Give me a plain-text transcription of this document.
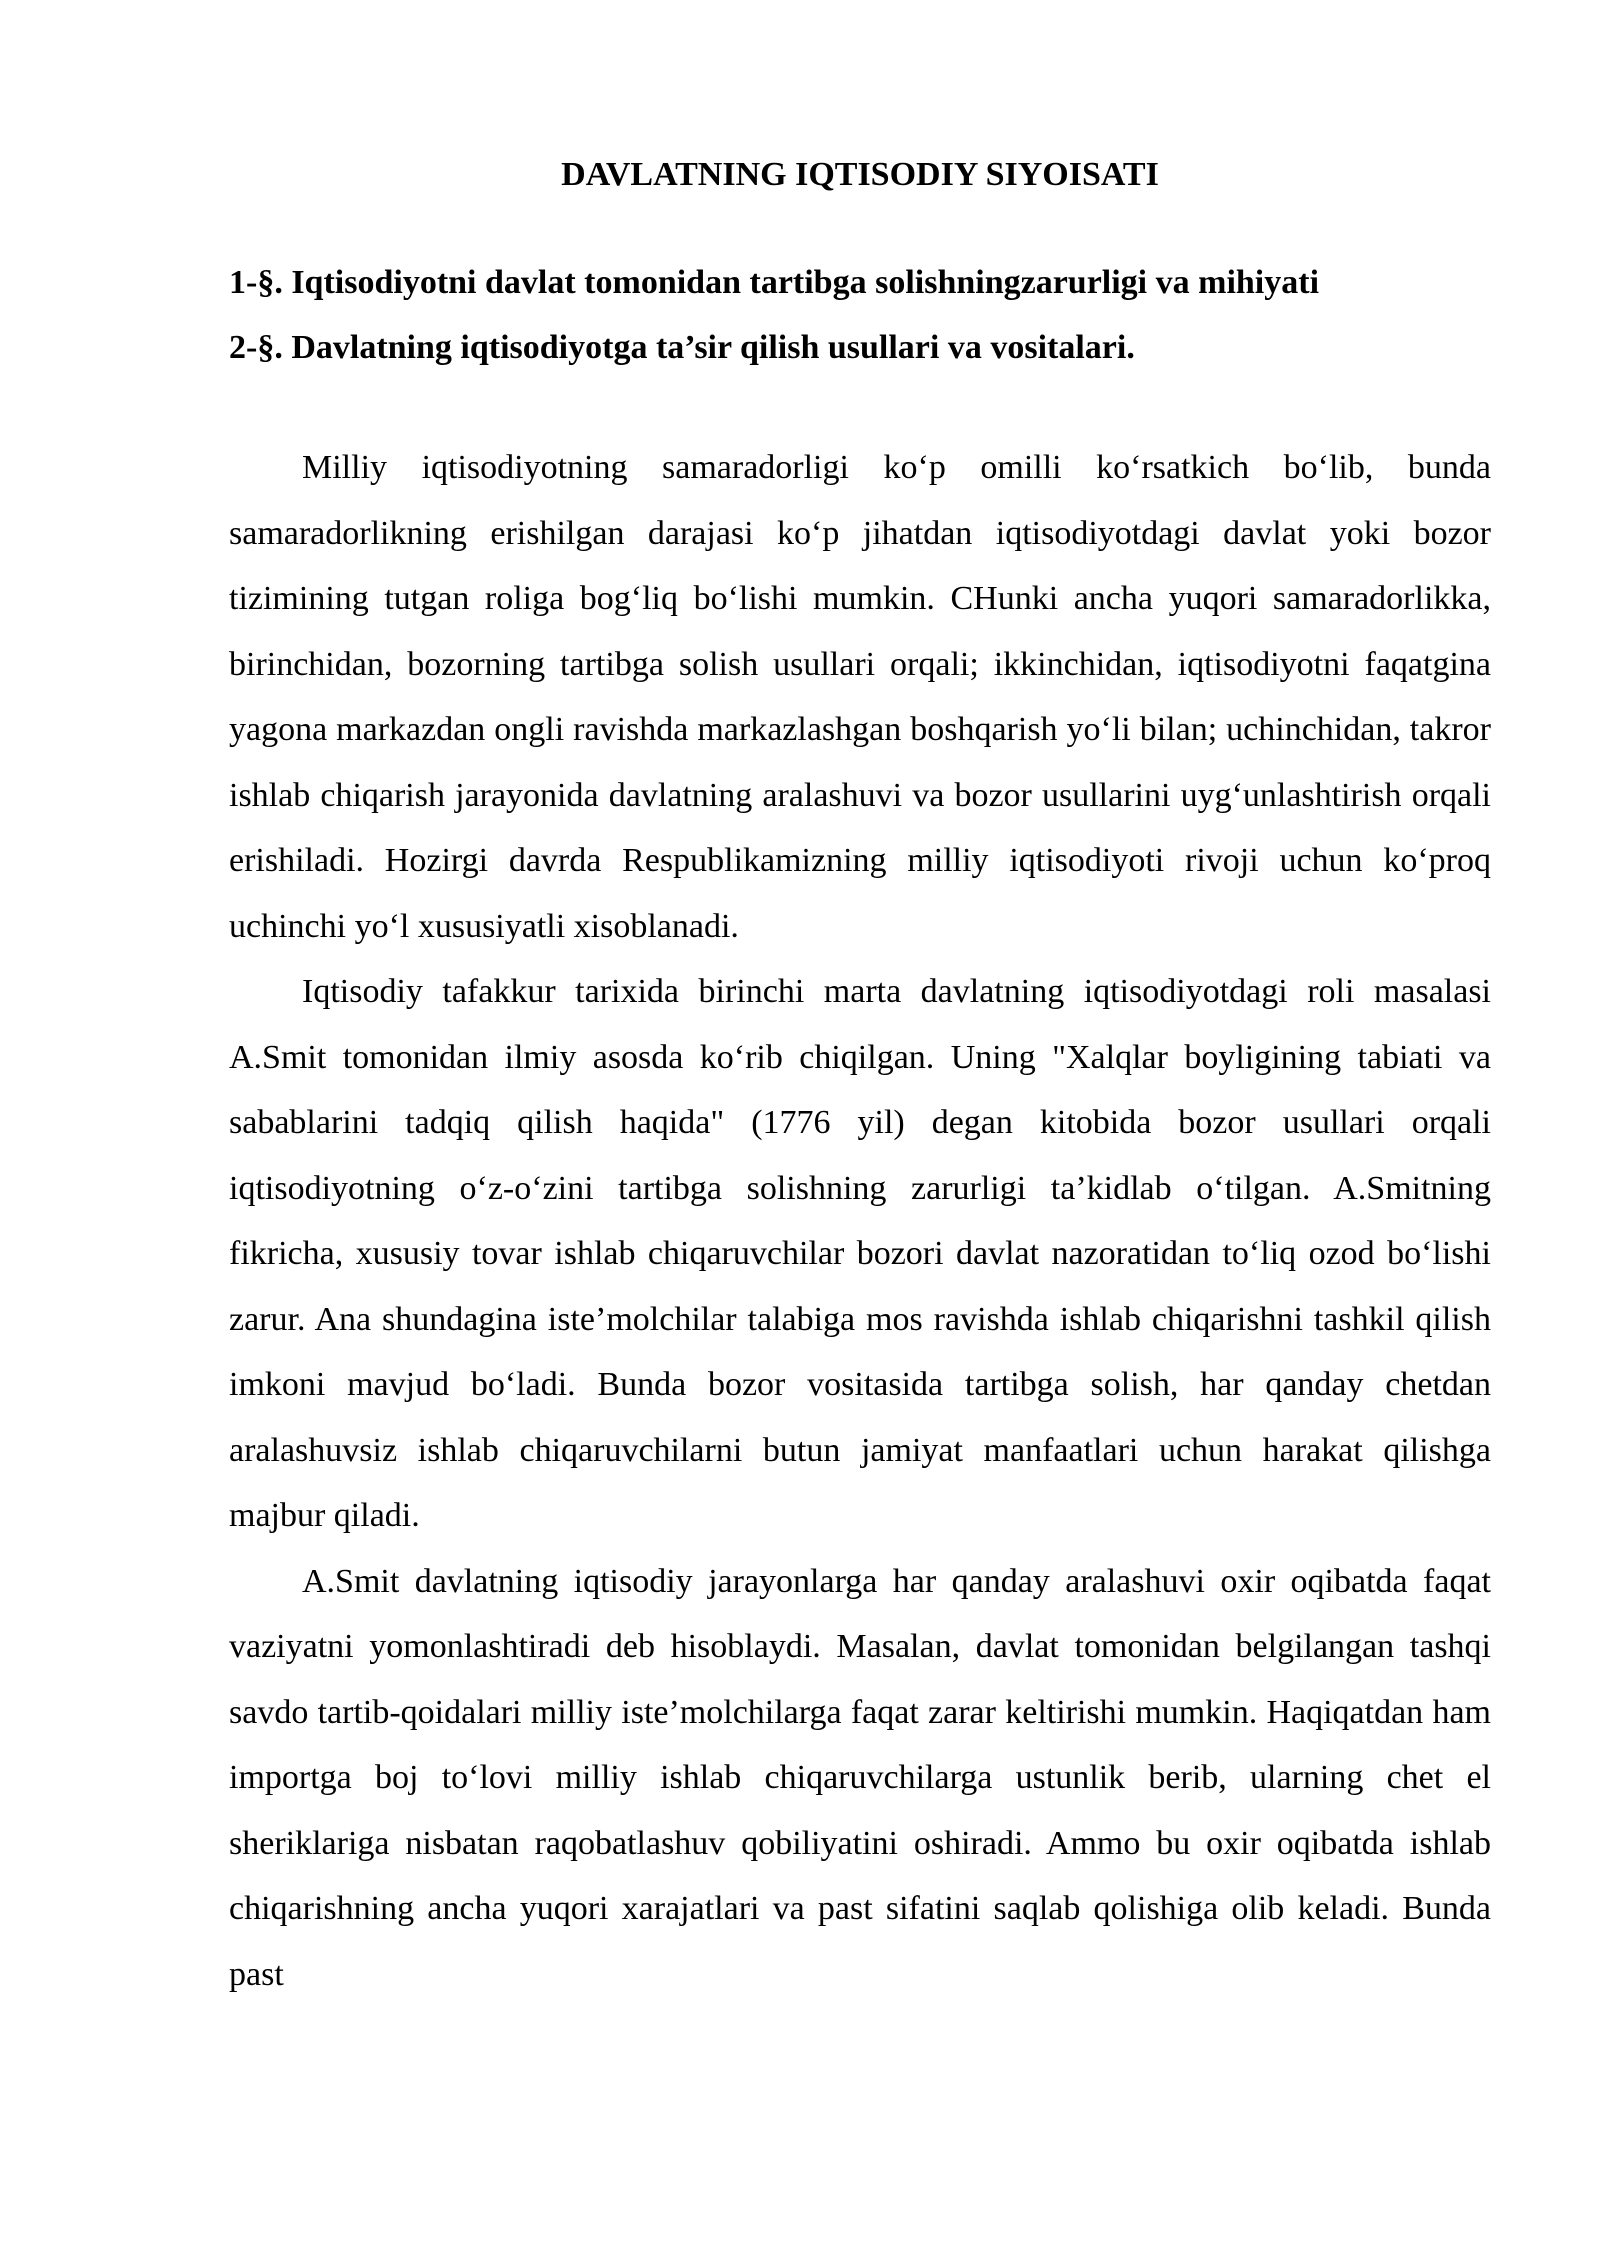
DAVLATNING IQTISODIY SIYOISATI

1-§. Iqtisodiyotni davlat tomonidan tartibga solishningzarurligi va mihiyati

2-§. Davlatning iqtisodiyotga ta’sir qilish usullari va vositalari.

Milliy iqtisodiyotning samaradorligi ko‘p omilli ko‘rsatkich bo‘lib, bunda samaradorlikning erishilgan darajasi ko‘p jihatdan iqtisodiyotdagi davlat yoki bozor tizimining tutgan roliga bog‘liq bo‘lishi mumkin. CHunki ancha yuqori samaradorlikka, birinchidan, bozorning tartibga solish usullari orqali; ikkinchidan, iqtisodiyotni faqatgina yagona markazdan ongli ravishda markazlashgan boshqarish yo‘li bilan; uchinchidan, takror ishlab chiqarish jarayonida davlatning aralashuvi va bozor usullarini uyg‘unlashtirish orqali erishiladi. Hozirgi davrda Respublikamizning milliy iqtisodiyoti rivoji uchun ko‘proq uchinchi yo‘l xususiyatli xisoblanadi.

Iqtisodiy tafakkur tarixida birinchi marta davlatning iqtisodiyotdagi roli masalasi A.Smit tomonidan ilmiy asosda ko‘rib chiqilgan. Uning "Xalqlar boyligining tabiati va sabablarini tadqiq qilish haqida" (1776 yil) degan kitobida bozor usullari orqali iqtisodiyotning o‘z-o‘zini tartibga solishning zarurligi ta’kidlab o‘tilgan. A.Smitning fikricha, xususiy tovar ishlab chiqaruvchilar bozori davlat nazoratidan to‘liq ozod bo‘lishi zarur. Ana shundagina iste’molchilar talabiga mos ravishda ishlab chiqarishni tashkil qilish imkoni mavjud bo‘ladi. Bunda bozor vositasida tartibga solish, har qanday chetdan aralashuvsiz ishlab chiqaruvchilarni butun jamiyat manfaatlari uchun harakat qilishga majbur qiladi.

A.Smit davlatning iqtisodiy jarayonlarga har qanday aralashuvi oxir oqibatda faqat vaziyatni yomonlashtiradi deb hisoblaydi. Masalan, davlat tomonidan belgilangan tashqi savdo tartib-qoidalari milliy iste’molchilarga faqat zarar keltirishi mumkin. Haqiqatdan ham importga boj to‘lovi milliy ishlab chiqaruvchilarga ustunlik berib, ularning chet el sheriklariga nisbatan raqobatlashuv qobiliyatini oshiradi. Ammo bu oxir oqibatda ishlab chiqarishning ancha yuqori xarajatlari va past sifatini saqlab qolishiga olib keladi. Bunda past
